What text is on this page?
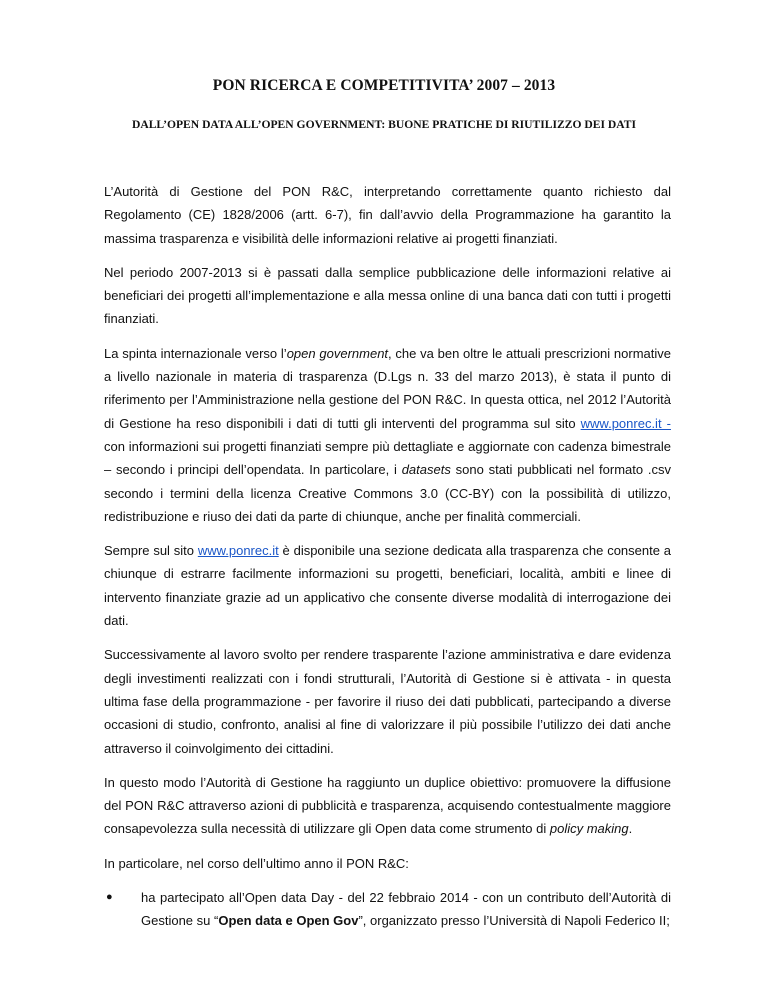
PON RICERCA E COMPETITIVITA’ 2007 – 2013
DALL’OPEN DATA ALL’OPEN GOVERNMENT: BUONE PRATICHE DI RIUTILIZZO DEI DATI

L’Autorità di Gestione del PON R&C, interpretando correttamente quanto richiesto dal Regolamento (CE) 1828/2006 (artt. 6-7), fin dall’avvio della Programmazione ha garantito la massima trasparenza e visibilità delle informazioni relative ai progetti finanziati.

Nel periodo 2007-2013 si è passati dalla semplice pubblicazione delle informazioni relative ai beneficiari dei progetti all’implementazione e alla messa online di una banca dati con tutti i progetti finanziati.

La spinta internazionale verso l’open government, che va ben oltre le attuali prescrizioni normative a livello nazionale in materia di trasparenza (D.Lgs n. 33 del marzo 2013), è stata il punto di riferimento per l’Amministrazione nella gestione del PON R&C. In questa ottica, nel 2012 l’Autorità di Gestione ha reso disponibili i dati di tutti gli interventi del programma sul sito www.ponrec.it - con informazioni sui progetti finanziati sempre più dettagliate e aggiornate con cadenza bimestrale – secondo i principi dell’opendata. In particolare, i datasets sono stati pubblicati nel formato .csv secondo i termini della licenza Creative Commons 3.0 (CC-BY) con la possibilità di utilizzo, redistribuzione e riuso dei dati da parte di chiunque, anche per finalità commerciali.

Sempre sul sito www.ponrec.it è disponibile una sezione dedicata alla trasparenza che consente a chiunque di estrarre facilmente informazioni su progetti, beneficiari, località, ambiti e linee di intervento finanziate grazie ad un applicativo che consente diverse modalità di interrogazione dei dati.

Successivamente al lavoro svolto per rendere trasparente l’azione amministrativa e dare evidenza degli investimenti realizzati con i fondi strutturali, l’Autorità di Gestione si è attivata - in questa ultima fase della programmazione - per favorire il riuso dei dati pubblicati, partecipando a diverse occasioni di studio, confronto, analisi al fine di valorizzare il più possibile l’utilizzo dei dati anche attraverso il coinvolgimento dei cittadini.

In questo modo l’Autorità di Gestione ha raggiunto un duplice obiettivo: promuovere la diffusione del PON R&C attraverso azioni di pubblicità e trasparenza, acquisendo contestualmente maggiore consapevolezza sulla necessità di utilizzare gli Open data come strumento di policy making.

In particolare, nel corso dell’ultimo anno il PON R&C:

● ha partecipato all’Open data Day - del 22 febbraio 2014 - con un contributo dell’Autorità di Gestione su “Open data e Open Gov”, organizzato presso l’Università di Napoli Federico II;
